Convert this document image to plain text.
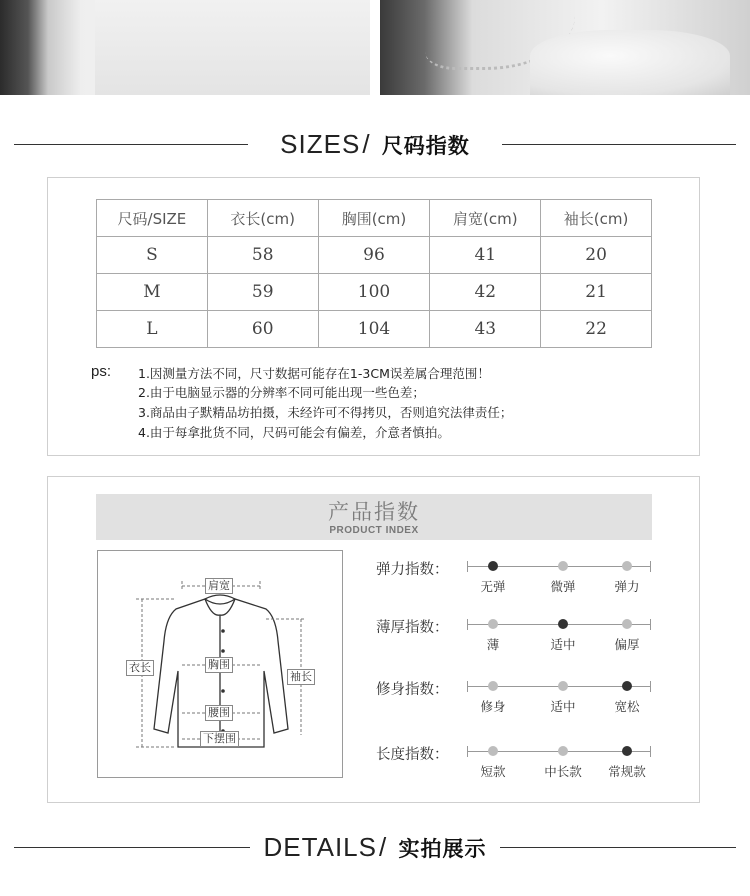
SIZES/ 尺码指数
尺码/SIZE	衣长(cm)	胸围(cm)	肩宽(cm)	袖长(cm)
S	58	96	41	20
M	59	100	42	21
L	60	104	43	22
ps: 1.因测量方法不同，尺寸数据可能存在1-3CM误差属合理范围！
2.由于电脑显示器的分辨率不同可能出现一些色差；
3.商品由子默精品坊拍摄，未经许可不得拷贝，否则追究法律责任；
4.由于每拿批货不同，尺码可能会有偏差，介意者慎拍。
产品指数
PRODUCT INDEX
肩宽
衣长	胸围
袖长
腰围
下摆围
弹力指数：
无弹	微弹	弹力
薄厚指数：
薄	适中	偏厚
修身指数：
修身	适中	宽松
长度指数：
短款	中长款 常规款
DETAILS/ 实拍展示
